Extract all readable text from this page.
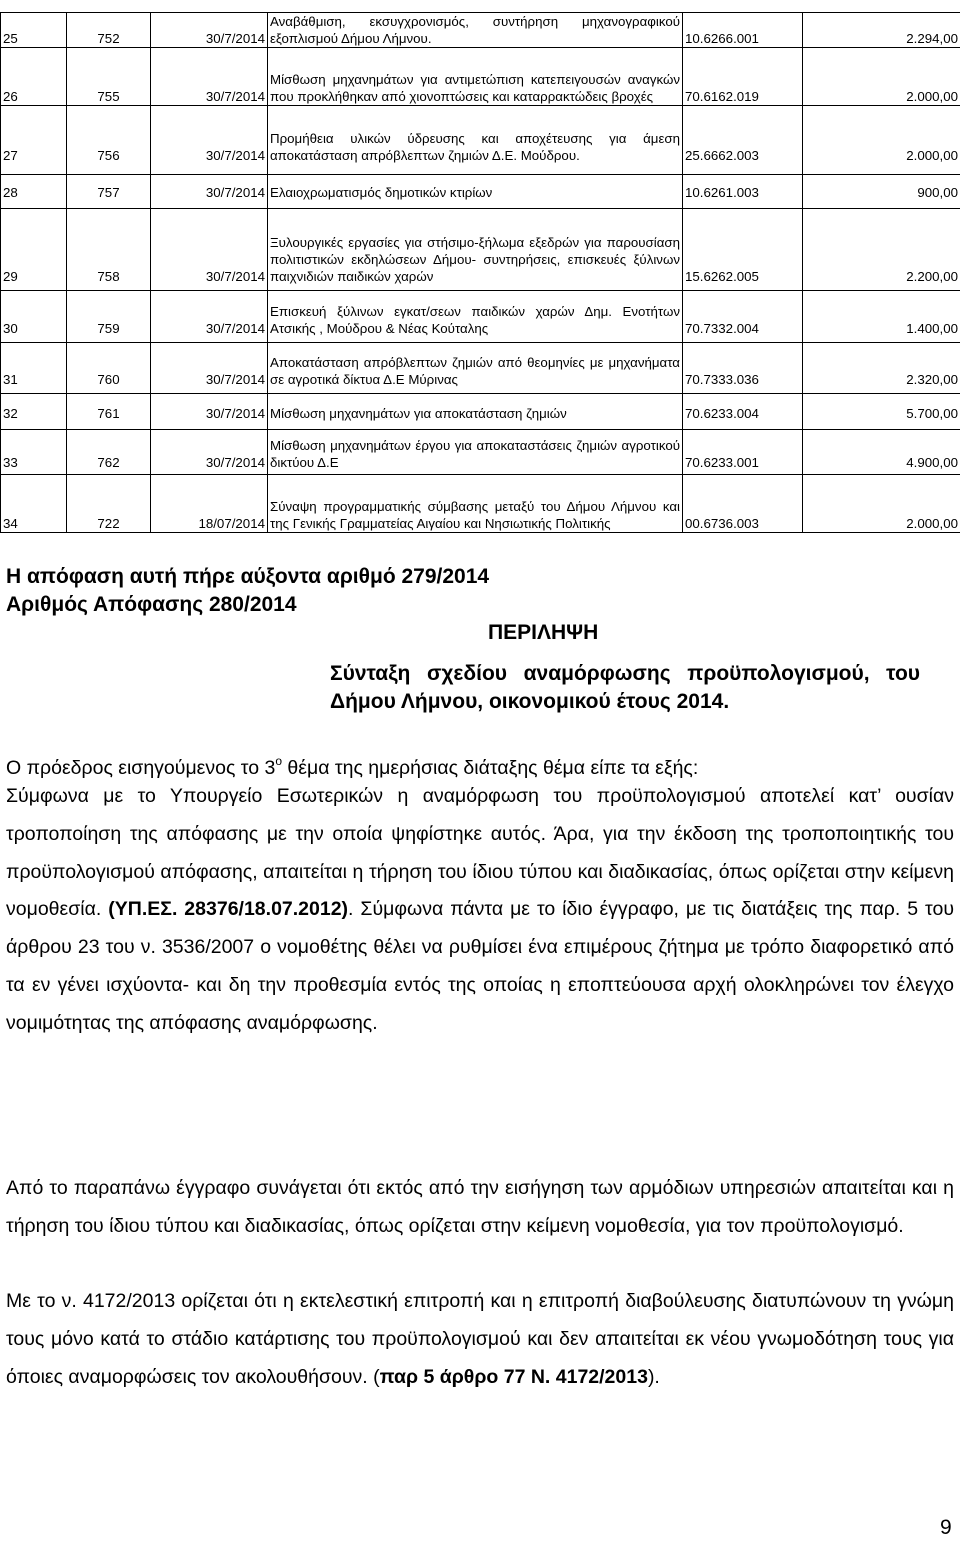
25	752	30/7/2014	Αναβάθμιση, εκσυγχρονισμός, συντήρηση μηχανογραφικού εξοπλισμού Δήμου Λήμνου.	10.6266.001	2.294,00
26	755	30/7/2014	Μίσθωση μηχανημάτων για αντιμετώπιση κατεπειγουσών αναγκών που προκλήθηκαν από χιονοπτώσεις και καταρρακτώδεις βροχές	70.6162.019	2.000,00
27	756	30/7/2014	Προμήθεια υλικών ύδρευσης και αποχέτευσης για άμεση αποκατάσταση απρόβλεπτων ζημιών Δ.Ε. Μούδρου.	25.6662.003	2.000,00
28	757	30/7/2014	Ελαιοχρωματισμός δημοτικών κτιρίων	10.6261.003	900,00
29	758	30/7/2014	Ξυλουργικές εργασίες για στήσιμο-ξήλωμα εξεδρών για παρουσίαση πολιτιστικών εκδηλώσεων Δήμου- συντηρήσεις, επισκευές ξύλινων παιχνιδιών παιδικών χαρών	15.6262.005	2.200,00
30	759	30/7/2014	Επισκευή ξύλινων εγκατ/σεων παιδικών χαρών Δημ. Ενοτήτων Ατσικής , Μούδρου & Νέας Κούταλης	70.7332.004	1.400,00
31	760	30/7/2014	Αποκατάσταση απρόβλεπτων ζημιών από θεομηνίες με μηχανήματα σε αγροτικά δίκτυα Δ.Ε Μύρινας	70.7333.036	2.320,00
32	761	30/7/2014	Μίσθωση μηχανημάτων για αποκατάσταση ζημιών	70.6233.004	5.700,00
33	762	30/7/2014	Μίσθωση μηχανημάτων έργου για αποκαταστάσεις ζημιών αγροτικού δικτύου Δ.Ε	70.6233.001	4.900,00
34	722	18/07/2014	Σύναψη προγραμματικής σύμβασης μεταξύ του Δήμου Λήμνου και της Γενικής Γραμματείας Αιγαίου και Νησιωτικής Πολιτικής	00.6736.003	2.000,00
Η απόφαση αυτή πήρε αύξοντα αριθμό 279/2014
Αριθμός Απόφασης 280/2014
ΠΕΡΙΛΗΨΗ
Σύνταξη σχεδίου αναμόρφωσης προϋπολογισμού, του Δήμου Λήμνου, οικονομικού έτους 2014.
Ο πρόεδρος εισηγούμενος το $3^o$ θέμα της ημερήσιας διάταξης θέμα είπε τα εξής:
Σύμφωνα με το Υπουργείο Εσωτερικών η αναμόρφωση του προϋπολογισμού αποτελεί κατ’ ουσίαν τροποποίηση της απόφασης με την οποία ψηφίστηκε αυτός. Άρα, για την έκδοση της τροποποιητικής του προϋπολογισμού απόφασης, απαιτείται η τήρηση του ίδιου τύπου και διαδικασίας, όπως ορίζεται στην κείμενη νομοθεσία. (ΥΠ.ΕΣ. 28376/18.07.2012). Σύμφωνα πάντα με το ίδιο έγγραφο, με τις διατάξεις της παρ. 5 του άρθρου 23 του ν. 3536/2007 ο νομοθέτης θέλει να ρυθμίσει ένα επιμέρους ζήτημα με τρόπο διαφορετικό από τα εν γένει ισχύοντα- και δη την προθεσμία εντός της οποίας η εποπτεύουσα αρχή ολοκληρώνει τον έλεγχο νομιμότητας της απόφασης αναμόρφωσης.
Από το παραπάνω έγγραφο συνάγεται ότι εκτός από την εισήγηση των αρμόδιων υπηρεσιών απαιτείται και η τήρηση του ίδιου τύπου και διαδικασίας, όπως ορίζεται στην κείμενη νομοθεσία, για τον προϋπολογισμό.
Με το ν. 4172/2013 ορίζεται ότι η εκτελεστική επιτροπή και η επιτροπή διαβούλευσης διατυπώνουν τη γνώμη τους μόνο κατά το στάδιο κατάρτισης του προϋπολογισμού και δεν απαιτείται εκ νέου γνωμοδότηση τους για όποιες αναμορφώσεις τον ακολουθήσουν. (παρ 5 άρθρο 77 Ν. 4172/2013).
9
